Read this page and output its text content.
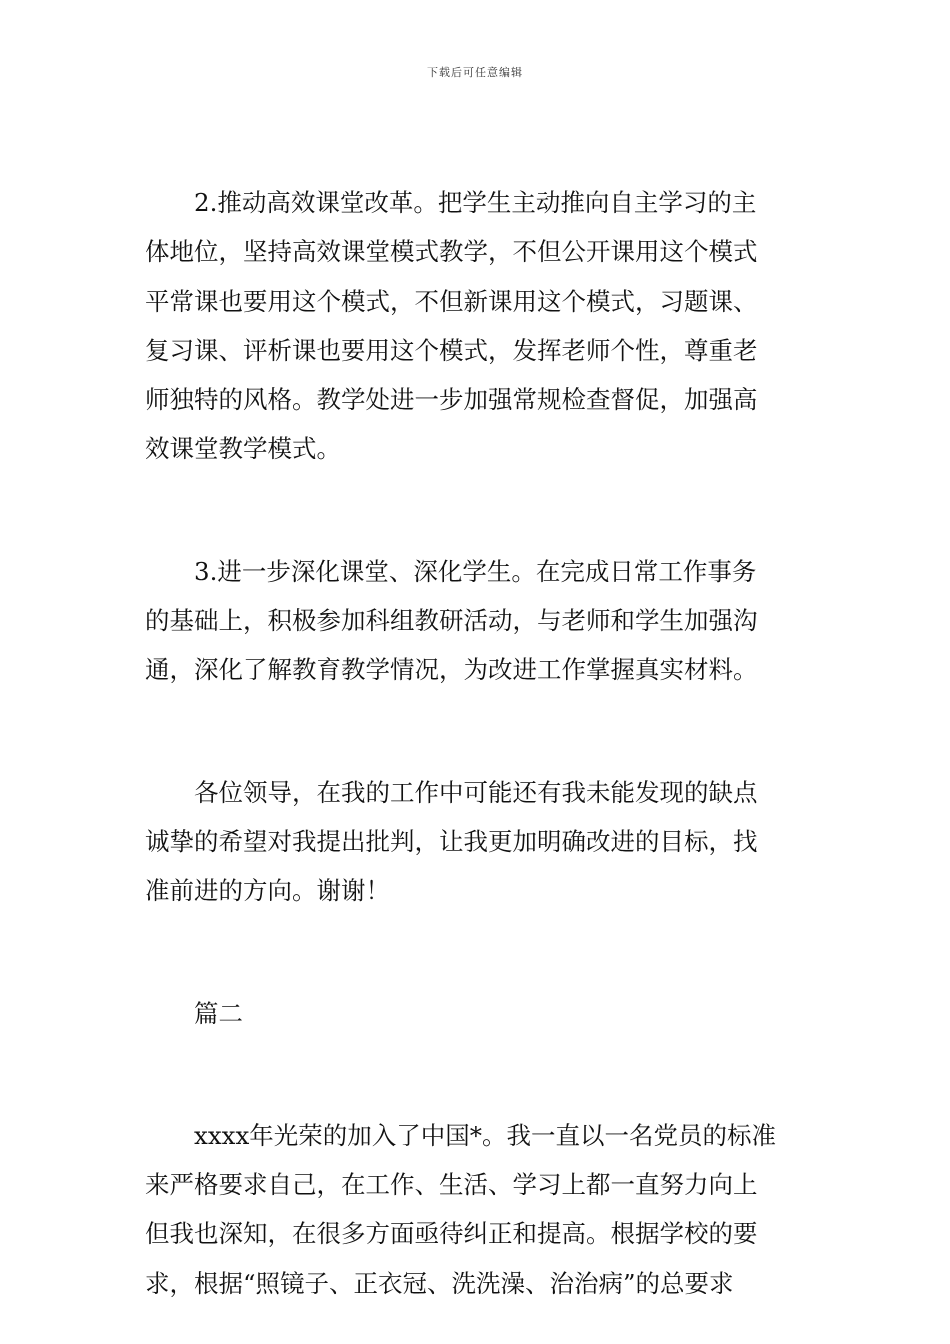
下载后可任意编辑
2.推动高效课堂改革。把学生主动推向自主学习的主
体地位，坚持高效课堂模式教学，不但公开课用这个模式
平常课也要用这个模式，不但新课用这个模式，习题课、
复习课、评析课也要用这个模式，发挥老师个性，尊重老
师独特的风格。教学处进一步加强常规检查督促，加强高
效课堂教学模式。
3.进一步深化课堂、深化学生。在完成日常工作事务
的基础上，积极参加科组教研活动，与老师和学生加强沟
通，深化了解教育教学情况，为改进工作掌握真实材料。
各位领导，在我的工作中可能还有我未能发现的缺点
诚挚的希望对我提出批判，让我更加明确改进的目标，找
准前进的方向。谢谢！
篇二
xxxx年光荣的加入了中国*。我一直以一名党员的标准
来严格要求自己，在工作、生活、学习上都一直努力向上
但我也深知，在很多方面亟待纠正和提高。根据学校的要
求，根据“照镜子、正衣冠、洗洗澡、治治病”的总要求
